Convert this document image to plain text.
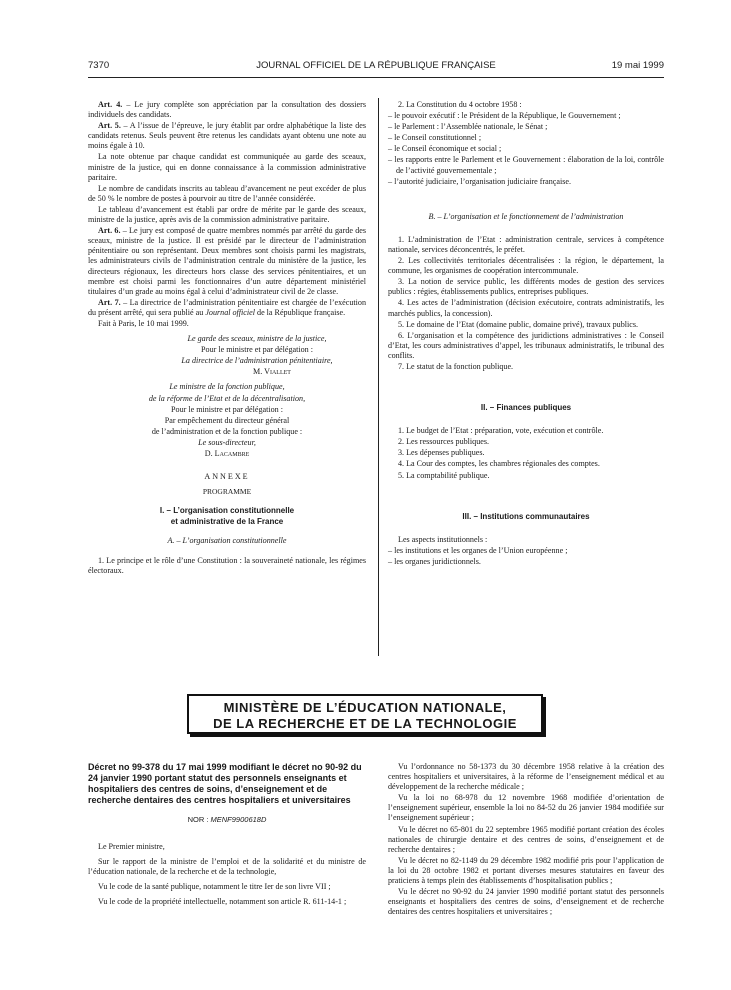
7370	JOURNAL OFFICIEL DE LA RÉPUBLIQUE FRANÇAISE	19 mai 1999

Art. 4. – Le jury complète son appréciation par la consultation des dossiers individuels des candidats.

Art. 5. – A l’issue de l’épreuve, le jury établit par ordre alphabétique la liste des candidats retenus. Seuls peuvent être retenus les candidats ayant obtenu une note au moins égale à 10.

La note obtenue par chaque candidat est communiquée au garde des sceaux, ministre de la justice, qui en donne connaissance à la commission administrative paritaire.

Le nombre de candidats inscrits au tableau d’avancement ne peut excéder de plus de 50 % le nombre de postes à pourvoir au titre de l’année considérée.

Le tableau d’avancement est établi par ordre de mérite par le garde des sceaux, ministre de la justice, après avis de la commission administrative paritaire.

Art. 6. – Le jury est composé de quatre membres nommés par arrêté du garde des sceaux, ministre de la justice. Il est présidé par le directeur de l’administration pénitentiaire ou son représentant. Deux membres sont choisis parmi les magistrats, les administrateurs civils de l’administration centrale du ministère de la justice, les directeurs régionaux, les directeurs hors classe des services pénitentiaires, et un membre est choisi parmi les fonctionnaires d’un autre département ministériel titulaires d’un grade au moins égal à celui d’administrateur civil de 2e classe.

Art. 7. – La directrice de l’administration pénitentiaire est chargée de l’exécution du présent arrêté, qui sera publié au Journal officiel de la République française.

Fait à Paris, le 10 mai 1999.

Le garde des sceaux, ministre de la justice,

Pour le ministre et par délégation :

La directrice de l’administration pénitentiaire,

M. Viallet

Le ministre de la fonction publique,

de la réforme de l’Etat et de la décentralisation,

Pour le ministre et par délégation :

Par empêchement du directeur général

de l’administration et de la fonction publique :

Le sous-directeur,

D. Lacambre

ANNEXE

PROGRAMME

I. – L’organisation constitutionnelle

et administrative de la France

A. – L’organisation constitutionnelle

1. Le principe et le rôle d’une Constitution : la souveraineté nationale, les régimes électoraux.

2. La Constitution du 4 octobre 1958 :

– le pouvoir exécutif : le Président de la République, le Gouvernement ;

– le Parlement : l’Assemblée nationale, le Sénat ;

– le Conseil constitutionnel ;

– le Conseil économique et social ;

– les rapports entre le Parlement et le Gouvernement : élaboration de la loi, contrôle de l’activité gouvernementale ;

– l’autorité judiciaire, l’organisation judiciaire française.

B. – L’organisation et le fonctionnement de l’administration

1. L’administration de l’Etat : administration centrale, services à compétence nationale, services déconcentrés, le préfet.

2. Les collectivités territoriales décentralisées : la région, le département, la commune, les organismes de coopération intercommunale.

3. La notion de service public, les différents modes de gestion des services publics : régies, établissements publics, entreprises publiques.

4. Les actes de l’administration (décision exécutoire, contrats administratifs, les marchés publics, la concession).

5. Le domaine de l’Etat (domaine public, domaine privé), travaux publics.

6. L’organisation et la compétence des juridictions administratives : le Conseil d’Etat, les cours administratives d’appel, les tribunaux administratifs, le tribunal des conflits.

7. Le statut de la fonction publique.

II. – Finances publiques

1. Le budget de l’Etat : préparation, vote, exécution et contrôle.

2. Les ressources publiques.

3. Les dépenses publiques.

4. La Cour des comptes, les chambres régionales des comptes.

5. La comptabilité publique.

III. – Institutions communautaires

Les aspects institutionnels :

– les institutions et les organes de l’Union européenne ;

– les organes juridictionnels.

MINISTÈRE DE L’ÉDUCATION NATIONALE,
DE LA RECHERCHE ET DE LA TECHNOLOGIE

Décret no 99-378 du 17 mai 1999 modifiant le décret no 90-92 du 24 janvier 1990 portant statut des personnels enseignants et hospitaliers des centres de soins, d’enseignement et de recherche dentaires des centres hospitaliers et universitaires

NOR : MENF9900618D

Le Premier ministre,

Sur le rapport de la ministre de l’emploi et de la solidarité et du ministre de l’éducation nationale, de la recherche et de la technologie,

Vu le code de la santé publique, notamment le titre Ier de son livre VII ;

Vu le code de la propriété intellectuelle, notamment son article R. 611-14-1 ;

Vu l’ordonnance no 58-1373 du 30 décembre 1958 relative à la création des centres hospitaliers et universitaires, à la réforme de l’enseignement médical et au développement de la recherche médicale ;

Vu la loi no 68-978 du 12 novembre 1968 modifiée d’orientation de l’enseignement supérieur, ensemble la loi no 84-52 du 26 janvier 1984 modifiée sur l’enseignement supérieur ;

Vu le décret no 65-801 du 22 septembre 1965 modifié portant création des écoles nationales de chirurgie dentaire et des centres de soins, d’enseignement et de recherche dentaires ;

Vu le décret no 82-1149 du 29 décembre 1982 modifié pris pour l’application de la loi du 28 octobre 1982 et portant diverses mesures statutaires en faveur des praticiens à temps plein des établissements d’hospitalisation publics ;

Vu le décret no 90-92 du 24 janvier 1990 modifié portant statut des personnels enseignants et hospitaliers des centres de soins, d’enseignement et de recherche dentaires des centres hospitaliers et universitaires ;
